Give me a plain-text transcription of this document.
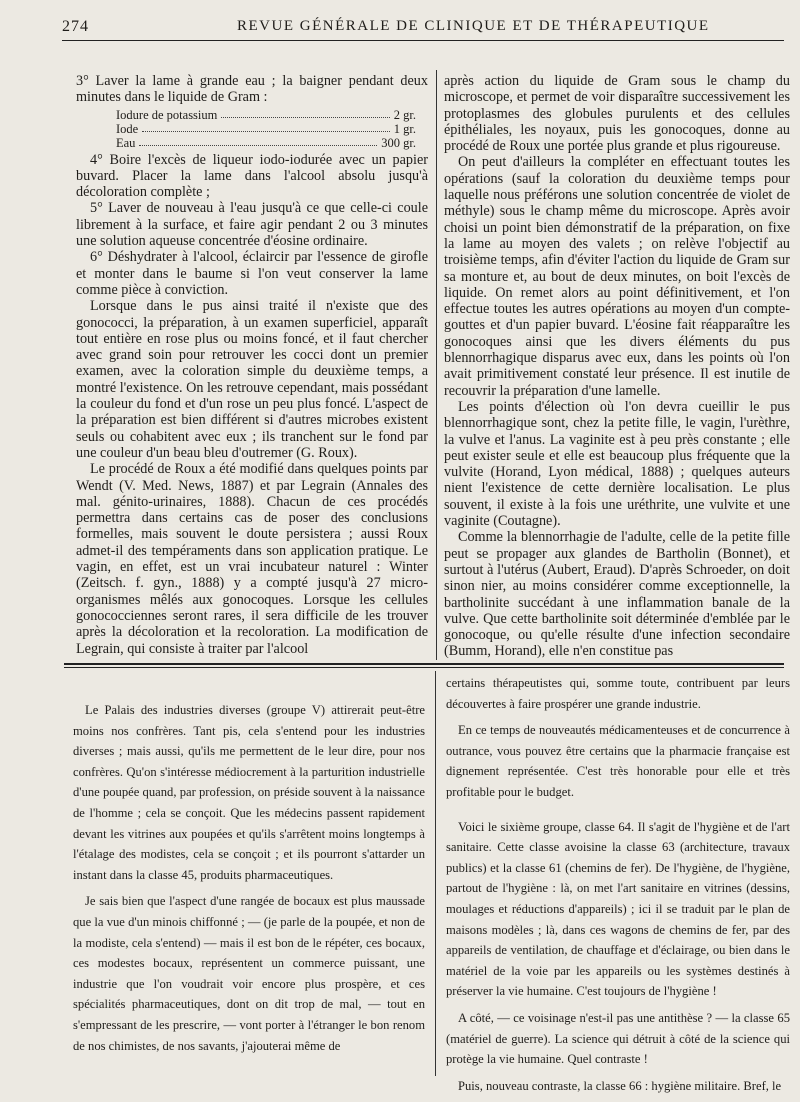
274	REVUE GÉNÉRALE DE CLINIQUE ET DE THÉRAPEUTIQUE

3° Laver la lame à grande eau ; la baigner pendant deux minutes dans le liquide de Gram :

Iodure de potassium	2 gr.
Iode	1 gr.
Eau	300 gr.

4° Boire l'excès de liqueur iodo-iodurée avec un papier buvard. Placer la lame dans l'alcool absolu jusqu'à décoloration complète ;

5° Laver de nouveau à l'eau jusqu'à ce que celle-ci coule librement à la surface, et faire agir pendant 2 ou 3 minutes une solution aqueuse concentrée d'éosine ordinaire.

6° Déshydrater à l'alcool, éclaircir par l'essence de girofle et monter dans le baume si l'on veut conserver la lame comme pièce à conviction.

Lorsque dans le pus ainsi traité il n'existe que des gonococci, la préparation, à un examen superficiel, apparaît tout entière en rose plus ou moins foncé, et il faut chercher avec grand soin pour retrouver les cocci dont un premier examen, avec la coloration simple du deuxième temps, a montré l'existence. On les retrouve cependant, mais possédant la couleur du fond et d'un rose un peu plus foncé. L'aspect de la préparation est bien différent si d'autres microbes existent seuls ou cohabitent avec eux ; ils tranchent sur le fond par une couleur d'un beau bleu d'outremer (G. Roux).

Le procédé de Roux a été modifié dans quelques points par Wendt (V. Med. News, 1887) et par Legrain (Annales des mal. génito-urinaires, 1888). Chacun de ces procédés permettra dans certains cas de poser des conclusions formelles, mais souvent le doute persistera ; aussi Roux admet-il des tempéraments dans son application pratique. Le vagin, en effet, est un vrai incubateur naturel : Winter (Zeitsch. f. gyn., 1888) y a compté jusqu'à 27 micro-organismes mêlés aux gonocoques. Lorsque les cellules gonococciennes seront rares, il sera difficile de les trouver après la décoloration et la recoloration. La modification de Legrain, qui consiste à traiter par l'alcool

après action du liquide de Gram sous le champ du microscope, et permet de voir disparaître successivement les protoplasmes des globules purulents et des cellules épithéliales, les noyaux, puis les gonocoques, donne au procédé de Roux une portée plus grande et plus rigoureuse.

On peut d'ailleurs la compléter en effectuant toutes les opérations (sauf la coloration du deuxième temps pour laquelle nous préférons une solution concentrée de violet de méthyle) sous le champ même du microscope. Après avoir choisi un point bien démonstratif de la préparation, on fixe la lame au moyen des valets ; on relève l'objectif au troisième temps, afin d'éviter l'action du liquide de Gram sur sa monture et, au bout de deux minutes, on boit l'excès de liquide. On remet alors au point définitivement, et l'on effectue toutes les autres opérations au moyen d'un compte-gouttes et d'un papier buvard. L'éosine fait réapparaître les gonocoques ainsi que les divers éléments du pus blennorrhagique disparus avec eux, dans les points où l'on avait primitivement constaté leur présence. Il est inutile de recouvrir la préparation d'une lamelle.

Les points d'élection où l'on devra cueillir le pus blennorrhagique sont, chez la petite fille, le vagin, l'urèthre, la vulve et l'anus. La vaginite est à peu près constante ; elle peut exister seule et elle est beaucoup plus fréquente que la vulvite (Horand, Lyon médical, 1888) ; quelques auteurs nient l'existence de cette dernière localisation. Le plus souvent, il existe à la fois une uréthrite, une vulvite et une vaginite (Coutagne).

Comme la blennorrhagie de l'adulte, celle de la petite fille peut se propager aux glandes de Bartholin (Bonnet), et surtout à l'utérus (Aubert, Eraud). D'après Schroeder, on doit sinon nier, au moins considérer comme exceptionnelle, la bartholinite succédant à une inflammation banale de la vulve. Que cette bartholinite soit déterminée d'emblée par le gonocoque, ou qu'elle résulte d'une infection secondaire (Bumm, Horand), elle n'en constitue pas

Le Palais des industries diverses (groupe V) attirerait peut-être moins nos confrères. Tant pis, cela s'entend pour les industries diverses ; mais aussi, qu'ils me permettent de le leur dire, pour nos confrères. Qu'on s'intéresse médiocrement à la parturition industrielle d'une poupée quand, par profession, on préside souvent à la naissance de l'homme ; cela se conçoit. Que les médecins passent rapidement devant les vitrines aux poupées et qu'ils s'arrêtent moins longtemps à l'étalage des modistes, cela se conçoit ; et ils pourront s'attarder un instant dans la classe 45, produits pharmaceutiques.

Je sais bien que l'aspect d'une rangée de bocaux est plus maussade que la vue d'un minois chiffonné ; — (je parle de la poupée, et non de la modiste, cela s'entend) — mais il est bon de le répéter, ces bocaux, ces modestes bocaux, représentent un commerce puissant, une industrie que l'on voudrait voir encore plus prospère, et ces spécialités pharmaceutiques, dont on dit trop de mal, — tout en s'empressant de les prescrire, — vont porter à l'étranger le bon renom de nos chimistes, de nos savants, j'ajouterai même de

certains thérapeutistes qui, somme toute, contribuent par leurs découvertes à faire prospérer une grande industrie.

En ce temps de nouveautés médicamenteuses et de concurrence à outrance, vous pouvez être certains que la pharmacie française est dignement représentée. C'est très honorable pour elle et très profitable pour le budget.

Voici le sixième groupe, classe 64. Il s'agit de l'hygiène et de l'art sanitaire. Cette classe avoisine la classe 63 (architecture, travaux publics) et la classe 61 (chemins de fer). De l'hygiène, de l'hygiène, partout de l'hygiène : là, on met l'art sanitaire en vitrines (dessins, moulages et réductions d'appareils) ; ici il se traduit par le plan de maisons modèles ; là, dans ces wagons de chemins de fer, par des appareils de ventilation, de chauffage et d'éclairage, ou bien dans le matériel de la voie par les appareils ou les systèmes destinés à préserver la vie humaine. C'est toujours de l'hygiène !

A côté, — ce voisinage n'est-il pas une antithèse ? — la classe 65 (matériel de guerre). La science qui détruit à côté de la science qui protège la vie humaine. Quel contraste !

Puis, nouveau contraste, la classe 66 : hygiène militaire. Bref, le
